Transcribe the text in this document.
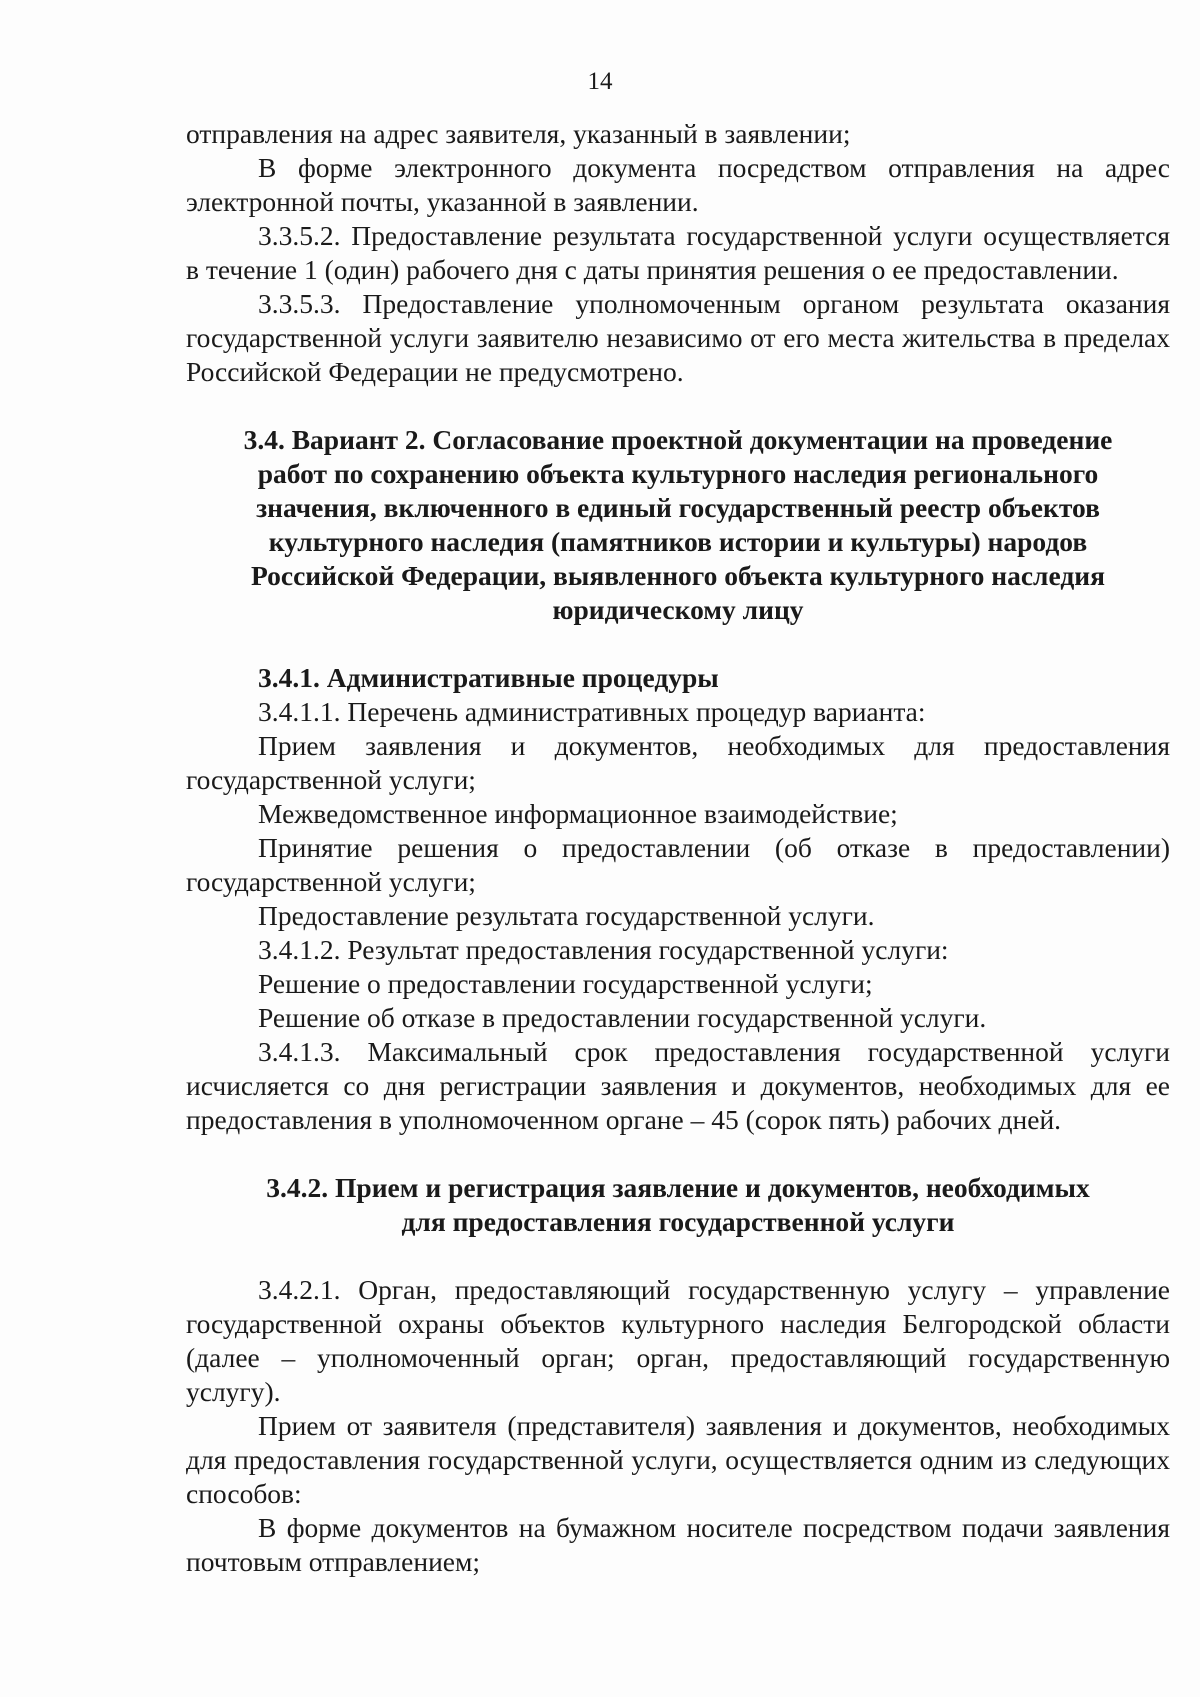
14

отправления на адрес заявителя, указанный в заявлении;

В форме электронного документа посредством отправления на адрес электронной почты, указанной в заявлении.

3.3.5.2. Предоставление результата государственной услуги осуществляется в течение 1 (один) рабочего дня с даты принятия решения о ее предоставлении.

3.3.5.3. Предоставление уполномоченным органом результата оказания государственной услуги заявителю независимо от его места жительства в пределах Российской Федерации не предусмотрено.

3.4. Вариант 2. Согласование проектной документации на проведение работ по сохранению объекта культурного наследия регионального значения, включенного в единый государственный реестр объектов культурного наследия (памятников истории и культуры) народов Российской Федерации, выявленного объекта культурного наследия юридическому лицу
3.4.1. Административные процедуры

3.4.1.1. Перечень административных процедур варианта:

Прием заявления и документов, необходимых для предоставления государственной услуги;

Межведомственное информационное взаимодействие;

Принятие решения о предоставлении (об отказе в предоставлении) государственной услуги;

Предоставление результата государственной услуги.

3.4.1.2. Результат предоставления государственной услуги:

Решение о предоставлении государственной услуги;

Решение об отказе в предоставлении государственной услуги.

3.4.1.3. Максимальный срок предоставления государственной услуги исчисляется со дня регистрации заявления и документов, необходимых для ее предоставления в уполномоченном органе – 45 (сорок пять) рабочих дней.

3.4.2. Прием и регистрация заявление и документов, необходимых для предоставления государственной услуги

3.4.2.1. Орган, предоставляющий государственную услугу – управление государственной охраны объектов культурного наследия Белгородской области (далее – уполномоченный орган; орган, предоставляющий государственную услугу).

Прием от заявителя (представителя) заявления и документов, необходимых для предоставления государственной услуги, осуществляется одним из следующих способов:

В форме документов на бумажном носителе посредством подачи заявления почтовым отправлением;
